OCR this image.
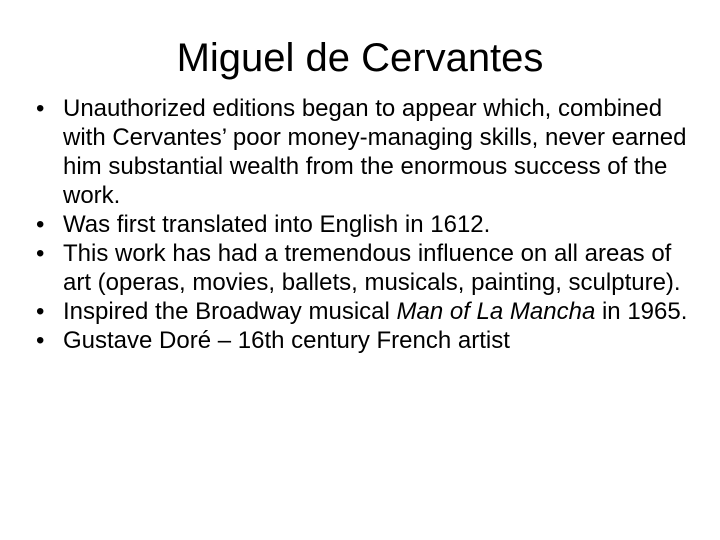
Miguel de Cervantes
• Unauthorized editions began to appear which, combined with Cervantes’ poor money-managing skills, never earned him substantial wealth from the enormous success of the work.
• Was first translated into English in 1612.
• This work has had a tremendous influence on all areas of art (operas, movies, ballets, musicals, painting, sculpture).
• Inspired the Broadway musical Man of La Mancha in 1965.
• Gustave Doré – 16th century French artist
